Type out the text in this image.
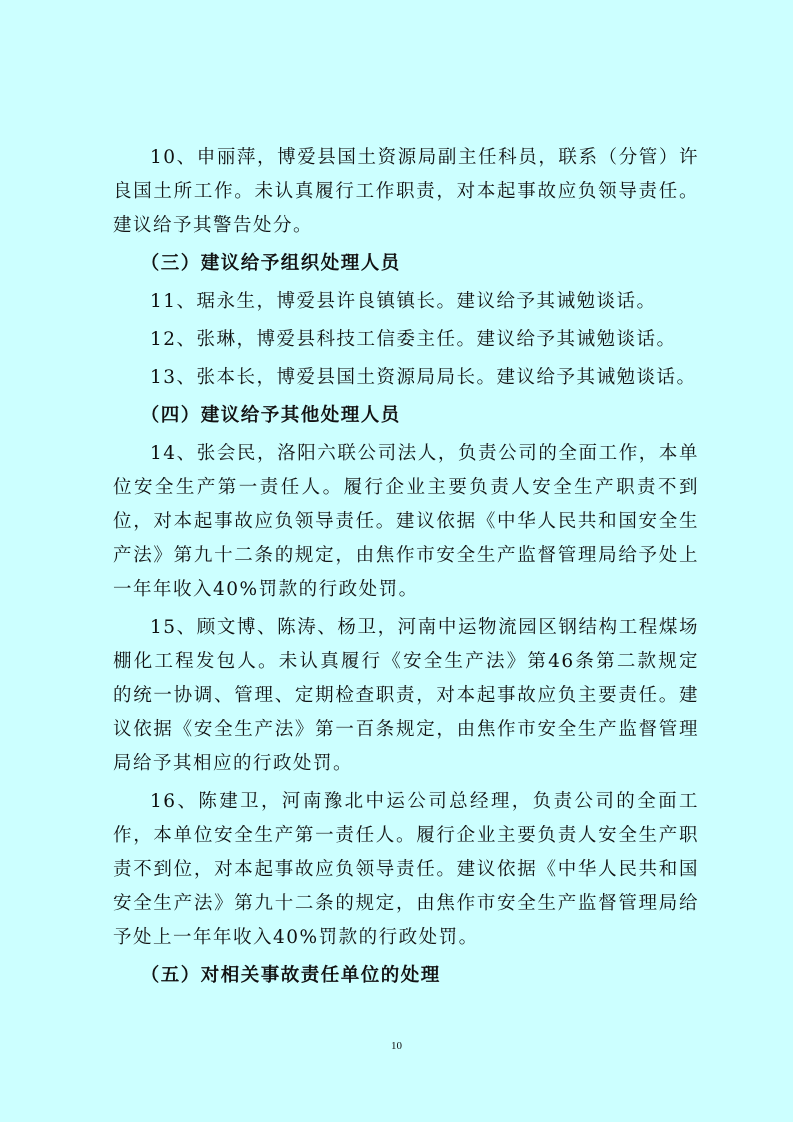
10、申丽萍，博爱县国土资源局副主任科员，联系（分管）许良国土所工作。未认真履行工作职责，对本起事故应负领导责任。建议给予其警告处分。

（三）建议给予组织处理人员

11、琚永生，博爱县许良镇镇长。建议给予其诫勉谈话。

12、张琳，博爱县科技工信委主任。建议给予其诫勉谈话。

13、张本长，博爱县国土资源局局长。建议给予其诫勉谈话。

（四）建议给予其他处理人员

14、张会民，洛阳六联公司法人，负责公司的全面工作，本单位安全生产第一责任人。履行企业主要负责人安全生产职责不到位，对本起事故应负领导责任。建议依据《中华人民共和国安全生产法》第九十二条的规定，由焦作市安全生产监督管理局给予处上一年年收入40%罚款的行政处罚。

15、顾文博、陈涛、杨卫，河南中运物流园区钢结构工程煤场棚化工程发包人。未认真履行《安全生产法》第46条第二款规定的统一协调、管理、定期检查职责，对本起事故应负主要责任。建议依据《安全生产法》第一百条规定，由焦作市安全生产监督管理局给予其相应的行政处罚。

16、陈建卫，河南豫北中运公司总经理，负责公司的全面工作，本单位安全生产第一责任人。履行企业主要负责人安全生产职责不到位，对本起事故应负领导责任。建议依据《中华人民共和国安全生产法》第九十二条的规定，由焦作市安全生产监督管理局给予处上一年年收入40%罚款的行政处罚。

（五）对相关事故责任单位的处理

10
